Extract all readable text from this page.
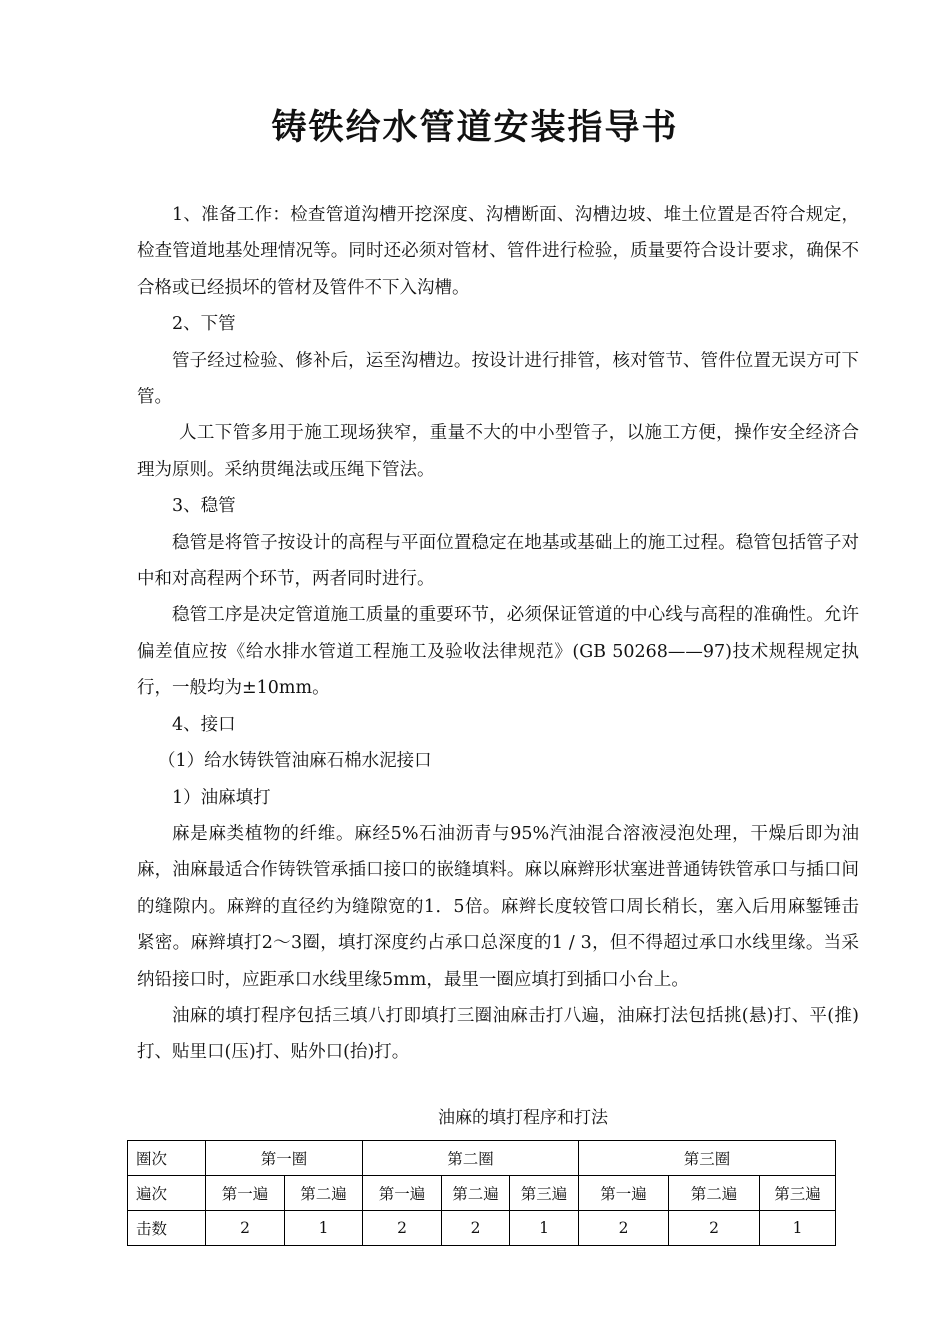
铸铁给水管道安装指导书

1、准备工作：检查管道沟槽开挖深度、沟槽断面、沟槽边坡、堆土位置是否符合规定，检查管道地基处理情况等。同时还必须对管材、管件进行检验，质量要符合设计要求，确保不合格或已经损坏的管材及管件不下入沟槽。

2、下管

管子经过检验、修补后，运至沟槽边。按设计进行排管，核对管节、管件位置无误方可下管。

人工下管多用于施工现场狭窄，重量不大的中小型管子，以施工方便，操作安全经济合理为原则。采纳贯绳法或压绳下管法。

3、稳管

稳管是将管子按设计的高程与平面位置稳定在地基或基础上的施工过程。稳管包括管子对中和对高程两个环节，两者同时进行。

稳管工序是决定管道施工质量的重要环节，必须保证管道的中心线与高程的准确性。允许偏差值应按《给水排水管道工程施工及验收法律规范》(GB 50268——97)技术规程规定执行，一般均为±10mm。

4、接口

（1）给水铸铁管油麻石棉水泥接口

1）油麻填打

麻是麻类植物的纤维。麻经5%石油沥青与95%汽油混合溶液浸泡处理，干燥后即为油麻，油麻最适合作铸铁管承插口接口的嵌缝填料。麻以麻辫形状塞进普通铸铁管承口与插口间的缝隙内。麻辫的直径约为缝隙宽的1．5倍。麻辫长度较管口周长稍长，塞入后用麻錾锤击紧密。麻辫填打2～3圈，填打深度约占承口总深度的1 / 3，但不得超过承口水线里缘。当采纳铅接口时，应距承口水线里缘5mm，最里一圈应填打到插口小台上。

油麻的填打程序包括三填八打即填打三圈油麻击打八遍，油麻打法包括挑(悬)打、平(推)打、贴里口(压)打、贴外口(抬)打。

油麻的填打程序和打法

圈次	第一圈		第二圈			第三圈		
遍次	第一遍	第二遍	第一遍	第二遍	第三遍	第一遍	第二遍	第三遍
击数	2	1	2	2	1	2	2	1
